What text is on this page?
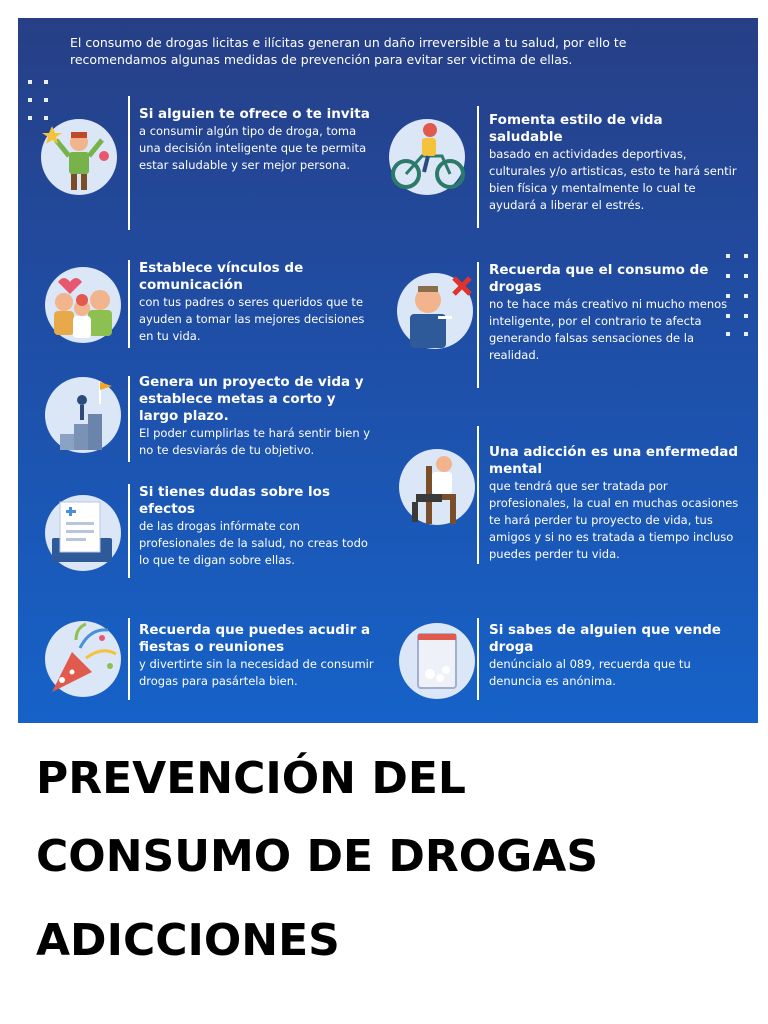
El consumo de drogas licitas e ilícitas generan un daño irreversible a tu salud, por ello te recomendamos algunas medidas de prevención para evitar ser victima de ellas.
Si alguien te ofrece o te invita
a consumir algún tipo de droga, toma una decisión inteligente que te permita estar saludable y ser mejor persona.
Establece vínculos de comunicación
con tus padres o seres queridos que te ayuden a tomar las mejores decisiones en tu vida.
Genera un proyecto de vida y establece metas a corto y largo plazo.
El poder cumplirlas te hará sentir bien y no te desviarás de tu objetivo.
Si tienes dudas sobre los efectos
de las drogas infórmate con profesionales de la salud, no creas todo lo que te digan sobre ellas.
Recuerda que puedes acudir a fiestas o reuniones
y divertirte sin la necesidad de consumir drogas para pasártela bien.
Fomenta estilo de vida saludable
basado en actividades deportivas, culturales y/o artisticas, esto te hará sentir bien física y mentalmente lo cual te ayudará a liberar el estrés.
Recuerda que el consumo de drogas
no te hace más creativo ni mucho menos inteligente, por el contrario te afecta generando falsas sensaciones de la realidad.
Una adicción es una enfermedad mental
que tendrá que ser tratada por profesionales, la cual en muchas ocasiones te hará perder tu proyecto de vida, tus amigos y si no es tratada a tiempo incluso puedes perder tu vida.
Si sabes de alguien que vende droga
denúncialo al 089, recuerda que tu denuncia es anónima.
PREVENCIÓN DEL
CONSUMO DE DROGAS
ADICCIONES
